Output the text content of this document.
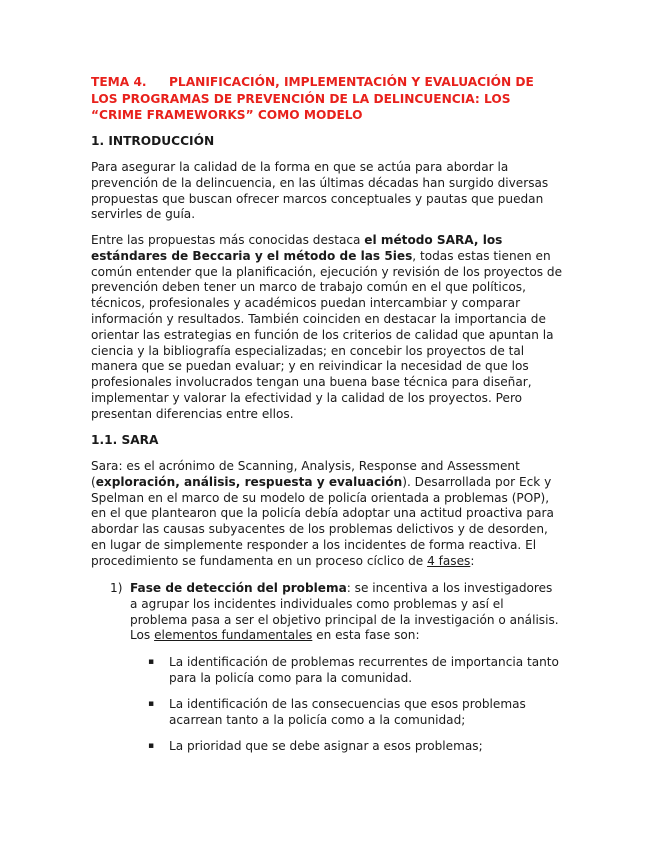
TEMA 4. PLANIFICACIÓN, IMPLEMENTACIÓN Y EVALUACIÓN DE LOS PROGRAMAS DE PREVENCIÓN DE LA DELINCUENCIA: LOS “CRIME FRAMEWORKS” COMO MODELO
1. INTRODUCCIÓN
Para asegurar la calidad de la forma en que se actúa para abordar la prevención de la delincuencia, en las últimas décadas han surgido diversas propuestas que buscan ofrecer marcos conceptuales y pautas que puedan servirles de guía.
Entre las propuestas más conocidas destaca el método SARA, los estándares de Beccaria y el método de las 5ies, todas estas tienen en común entender que la planificación, ejecución y revisión de los proyectos de prevención deben tener un marco de trabajo común en el que políticos, técnicos, profesionales y académicos puedan intercambiar y comparar información y resultados. También coinciden en destacar la importancia de orientar las estrategias en función de los criterios de calidad que apuntan la ciencia y la bibliografía especializadas; en concebir los proyectos de tal manera que se puedan evaluar; y en reivindicar la necesidad de que los profesionales involucrados tengan una buena base técnica para diseñar, implementar y valorar la efectividad y la calidad de los proyectos. Pero presentan diferencias entre ellos.
1.1. SARA
Sara: es el acrónimo de Scanning, Analysis, Response and Assessment (exploración, análisis, respuesta y evaluación). Desarrollada por Eck y Spelman en el marco de su modelo de policía orientada a problemas (POP), en el que plantearon que la policía debía adoptar una actitud proactiva para abordar las causas subyacentes de los problemas delictivos y de desorden, en lugar de simplemente responder a los incidentes de forma reactiva. El procedimiento se fundamenta en un proceso cíclico de 4 fases:
1) Fase de detección del problema: se incentiva a los investigadores a agrupar los incidentes individuales como problemas y así el problema pasa a ser el objetivo principal de la investigación o análisis. Los elementos fundamentales en esta fase son:
▪ La identificación de problemas recurrentes de importancia tanto para la policía como para la comunidad.
▪ La identificación de las consecuencias que esos problemas acarrean tanto a la policía como a la comunidad;
▪ La prioridad que se debe asignar a esos problemas;
